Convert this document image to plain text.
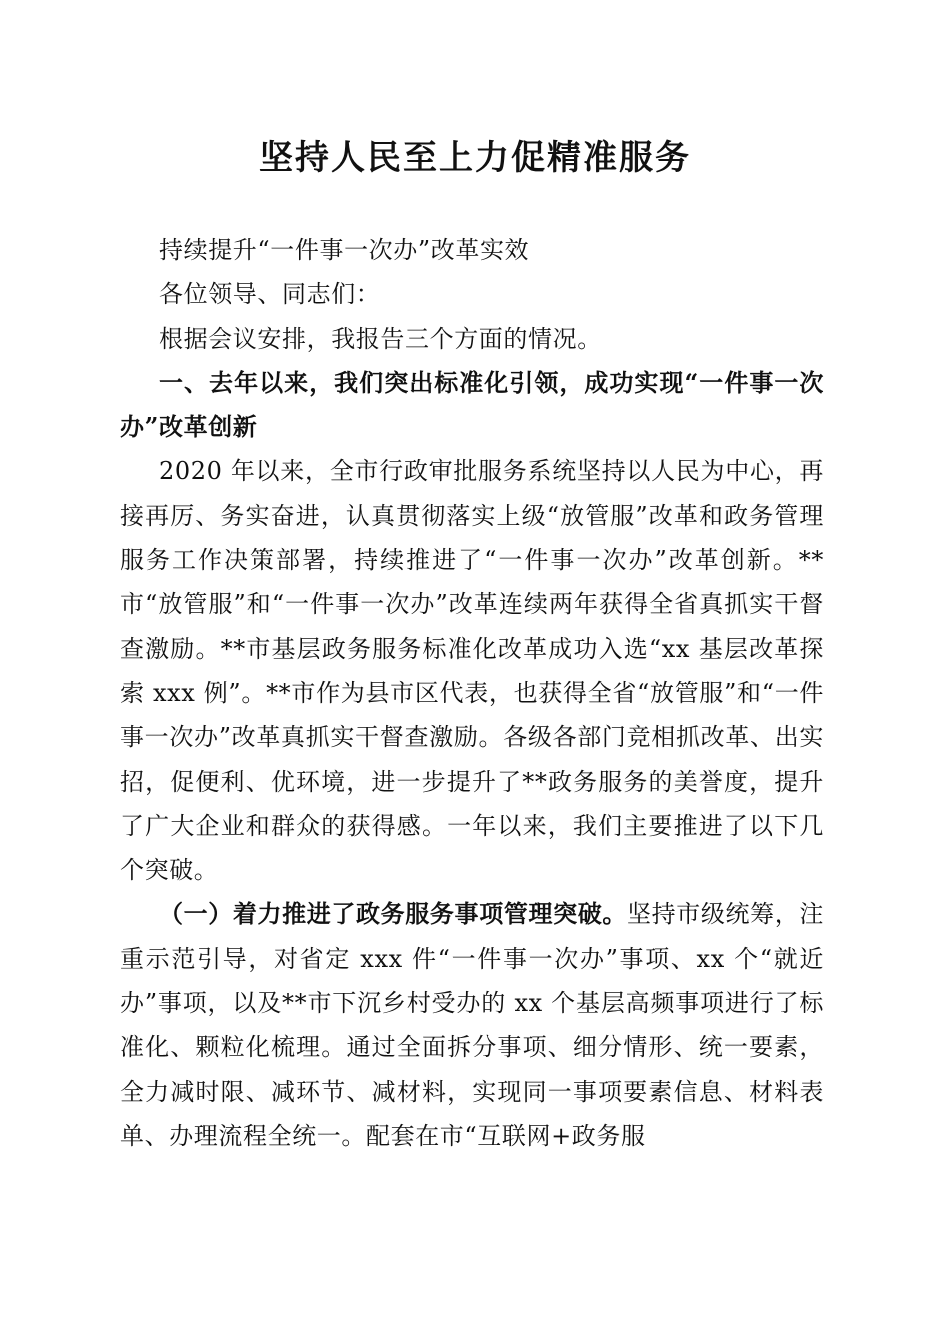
坚持人民至上力促精准服务

持续提升“一件事一次办”改革实效

各位领导、同志们：

根据会议安排，我报告三个方面的情况。

一、去年以来，我们突出标准化引领，成功实现“一件事一次办”改革创新

2020 年以来，全市行政审批服务系统坚持以人民为中心，再接再厉、务实奋进，认真贯彻落实上级“放管服”改革和政务管理服务工作决策部署，持续推进了“一件事一次办”改革创新。**市“放管服”和“一件事一次办”改革连续两年获得全省真抓实干督查激励。**市基层政务服务标准化改革成功入选“xx 基层改革探索 xxx 例”。**市作为县市区代表，也获得全省“放管服”和“一件事一次办”改革真抓实干督查激励。各级各部门竞相抓改革、出实招，促便利、优环境，进一步提升了**政务服务的美誉度，提升了广大企业和群众的获得感。一年以来，我们主要推进了以下几个突破。

（一）着力推进了政务服务事项管理突破。坚持市级统筹，注重示范引导，对省定 xxx 件“一件事一次办”事项、xx 个“就近办”事项，以及**市下沉乡村受办的 xx 个基层高频事项进行了标准化、颗粒化梳理。通过全面拆分事项、细分情形、统一要素，全力减时限、减环节、减材料，实现同一事项要素信息、材料表单、办理流程全统一。配套在市“互联网+政务服
